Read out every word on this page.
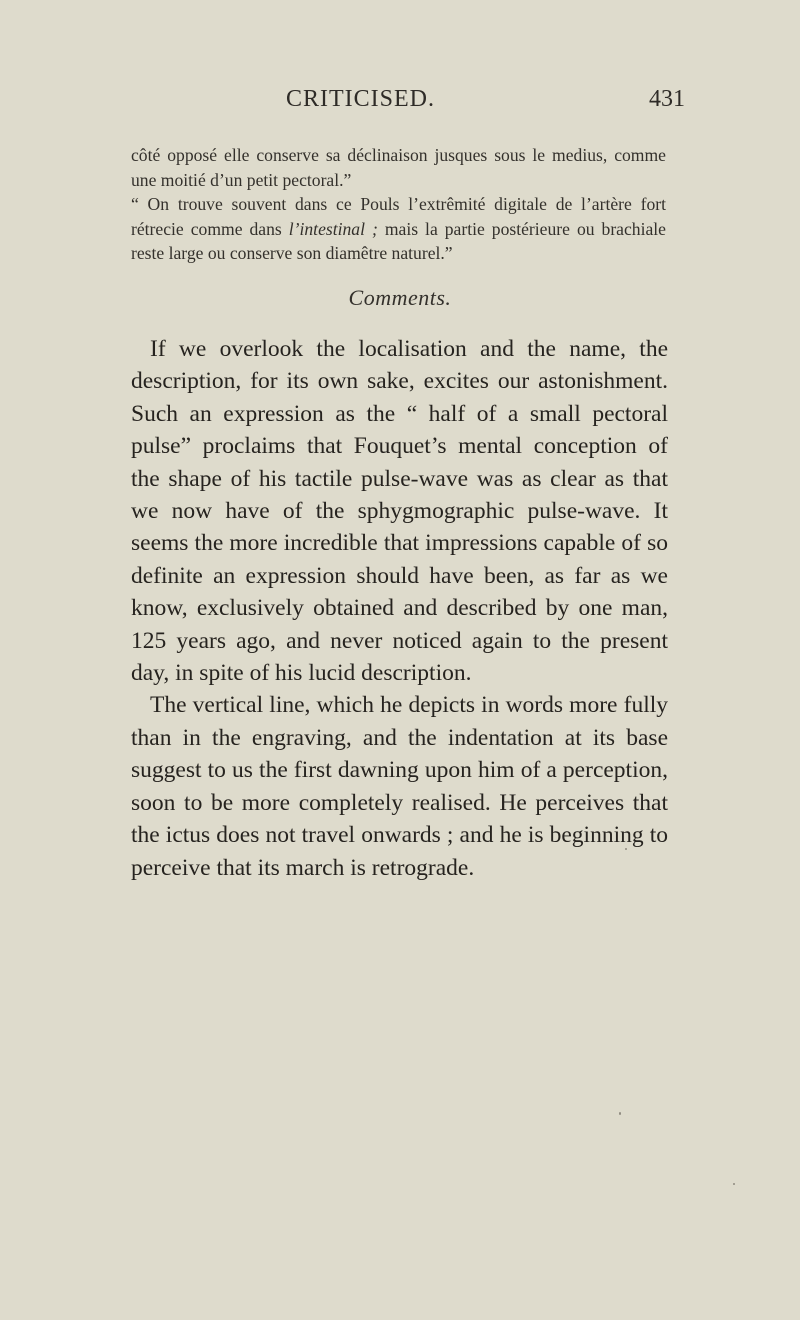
CRITICISED.	431

côté opposé elle conserve sa déclinaison jusques sous le medius, comme une moitié d’un petit pectoral.”

“ On trouve souvent dans ce Pouls l’extrêmité digitale de l’artère fort rétrecie comme dans l’intestinal ; mais la partie postérieure ou brachiale reste large ou conserve son diamêtre naturel.”

Comments.

If we overlook the localisation and the name, the description, for its own sake, excites our astonishment. Such an expression as the “ half of a small pectoral pulse” proclaims that Fouquet’s mental conception of the shape of his tactile pulse-wave was as clear as that we now have of the sphygmographic pulse-wave. It seems the more incredible that impressions capable of so definite an expression should have been, as far as we know, exclusively obtained and described by one man, 125 years ago, and never noticed again to the present day, in spite of his lucid description.

The vertical line, which he depicts in words more fully than in the engraving, and the indentation at its base suggest to us the first dawning upon him of a perception, soon to be more completely realised. He perceives that the ictus does not travel onwards ; and he is beginning to perceive that its march is retrograde.
